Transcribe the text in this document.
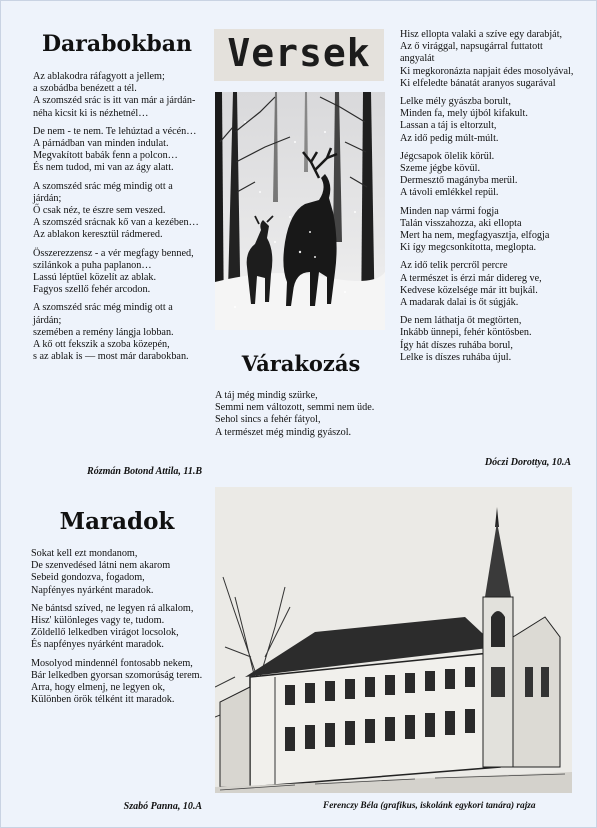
Darabokban

Az ablakodra ráfagyott a jellem;
a szobádba benézett a tél.
A szomszéd srác is itt van már a járdán-
néha kicsit ki is nézhetnél…

De nem - te nem. Te lehúztad a vécén…
A párnádban van minden indulat.
Megvakított babák fenn a polcon…
És nem tudod, mi van az ágy alatt.

A szomszéd srác még mindig ott a járdán;
Ő csak néz, te észre sem veszed.
A szomszéd srácnak kő van a kezében…
Az ablakon keresztül rádmered.

Összerezzensz - a vér megfagy benned,
szilánkok a puha paplanon…
Lassú léptűel közelít az ablak.
Fagyos szellő fehér arcodon.

A szomszéd srác még mindig ott a járdán;
szemében a remény lángja lobban.
A kő ott fekszik a szoba közepén,
s az ablak is — most már darabokban.

Rózmán Botond Attila, 11.B
Versek
Várakozás

A táj még mindig szürke,
Semmi nem változott, semmi nem üde.
Sehol sincs a fehér fátyol,
A természet még mindig gyászol.

Hisz ellopta valaki a szíve egy darabját,
Az ő virággal, napsugárral futtatott angyalát
Ki megkoronázta napjait édes mosolyával,
Ki elfeledte bánatát aranyos sugarával

Lelke mély gyászba borult,
Minden fa, mely újból kifakult.
Lassan a táj is eltorzult,
Az idő pedig múlt-múlt.

Jégcsapok ölelik körül.
Szeme jégbe kövül.
Dermesztő magányba merül.
A távoli emlékkel repül.

Minden nap vármi fogja
Talán visszahozza, aki ellopta
Mert ha nem, megfagyasztja, elfogja
Ki így megcsonkította, meglopta.

Az idő telik percről percre
A természet is érzi már didereg ve,
Kedvese közelsége már itt bujkál.
A madarak dalai is őt súgják.

De nem láthatja őt megtörten,
Inkább ünnepi, fehér köntösben.
Így hát díszes ruhába borul,
Lelke is díszes ruhába újul.

Dóczi Dorottya, 10.A
Maradok

Sokat kell ezt mondanom,
De szenvedésed látni nem akarom
Sebeid gondozva, fogadom,
Napfényes nyárként maradok.

Ne bántsd szíved, ne legyen rá alkalom,
Hisz' különleges vagy te, tudom.
Zöldellő lelkedben virágot locsolok,
És napfényes nyárként maradok.

Mosolyod mindennél fontosabb nekem,
Bár lelkedben gyorsan szomorúság terem.
Arra, hogy elmenj, ne legyen ok,
Különben örök télként itt maradok.

Szabó Panna, 10.A	Ferenczy Béla (grafikus, iskolánk egykori tanára) rajza
